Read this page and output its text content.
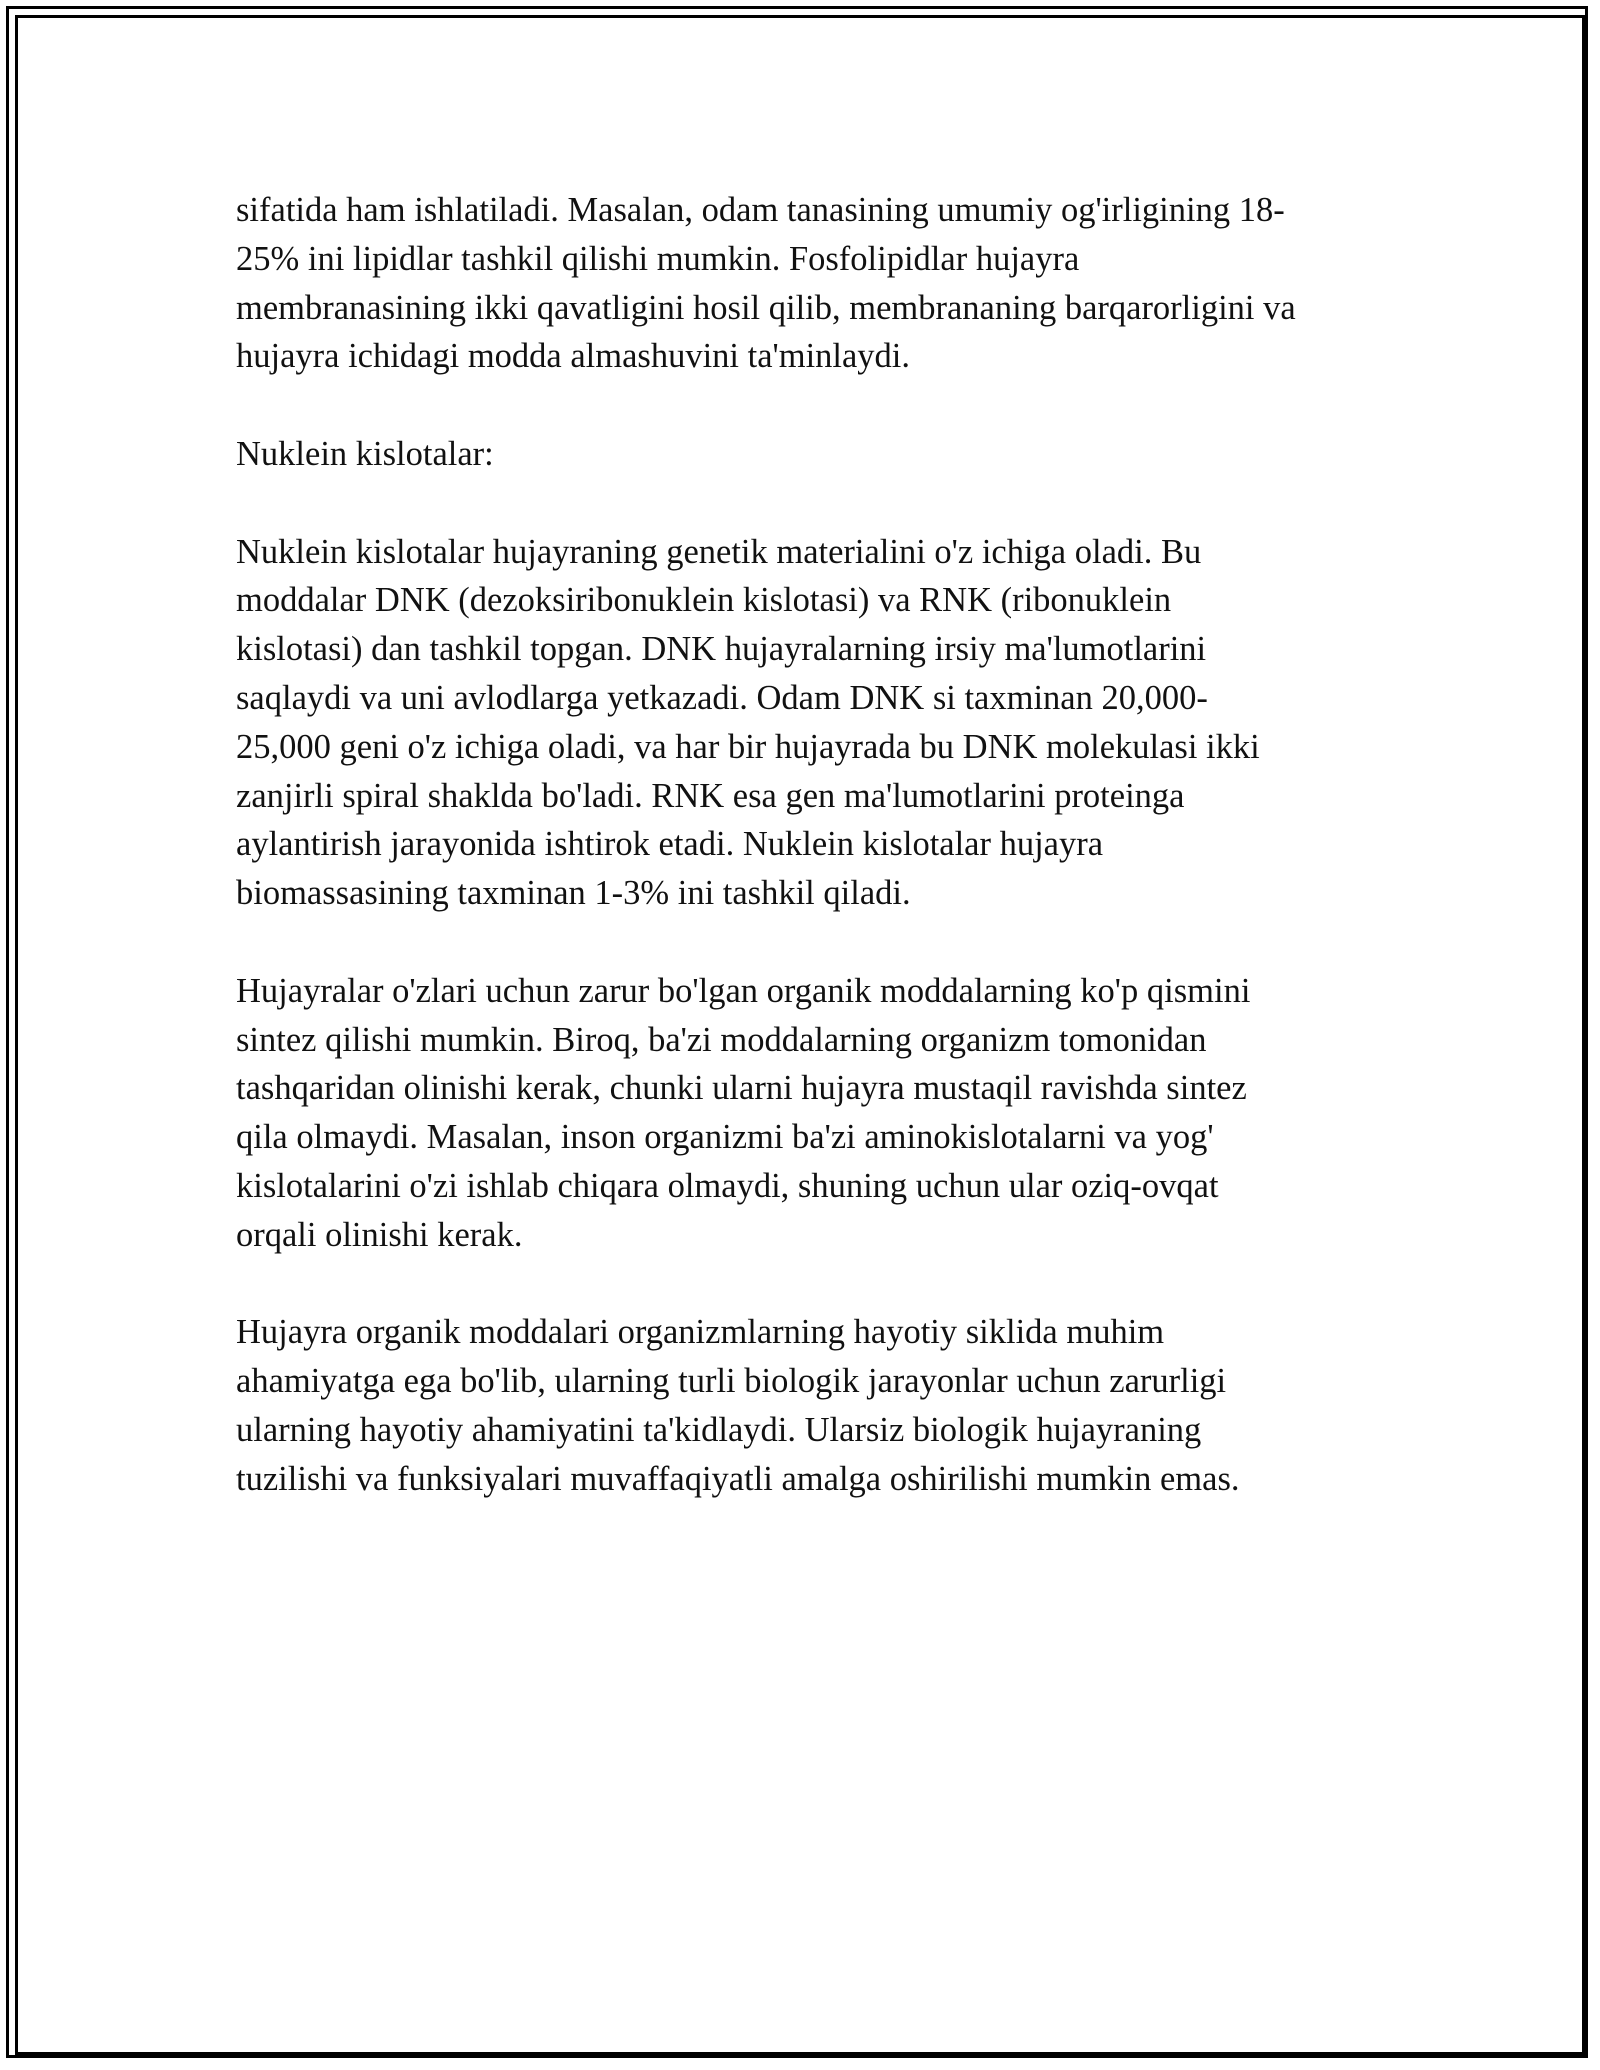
sifatida ham ishlatiladi. Masalan, odam tanasining umumiy og'irligining 18-
25% ini lipidlar tashkil qilishi mumkin. Fosfolipidlar hujayra
membranasining ikki qavatligini hosil qilib, membrananing barqarorligini va
hujayra ichidagi modda almashuvini ta'minlaydi.

Nuklein kislotalar:

Nuklein kislotalar hujayraning genetik materialini o'z ichiga oladi. Bu
moddalar DNK (dezoksiribonuklein kislotasi) va RNK (ribonuklein
kislotasi) dan tashkil topgan. DNK hujayralarning irsiy ma'lumotlarini
saqlaydi va uni avlodlarga yetkazadi. Odam DNK si taxminan 20,000-
25,000 geni o'z ichiga oladi, va har bir hujayrada bu DNK molekulasi ikki
zanjirli spiral shaklda bo'ladi. RNK esa gen ma'lumotlarini proteinga
aylantirish jarayonida ishtirok etadi. Nuklein kislotalar hujayra
biomassasining taxminan 1-3% ini tashkil qiladi.

Hujayralar o'zlari uchun zarur bo'lgan organik moddalarning ko'p qismini
sintez qilishi mumkin. Biroq, ba'zi moddalarning organizm tomonidan
tashqaridan olinishi kerak, chunki ularni hujayra mustaqil ravishda sintez
qila olmaydi. Masalan, inson organizmi ba'zi aminokislotalarni va yog'
kislotalarini o'zi ishlab chiqara olmaydi, shuning uchun ular oziq-ovqat
orqali olinishi kerak.

Hujayra organik moddalari organizmlarning hayotiy siklida muhim
ahamiyatga ega bo'lib, ularning turli biologik jarayonlar uchun zarurligi
ularning hayotiy ahamiyatini ta'kidlaydi. Ularsiz biologik hujayraning
tuzilishi va funksiyalari muvaffaqiyatli amalga oshirilishi mumkin emas.
